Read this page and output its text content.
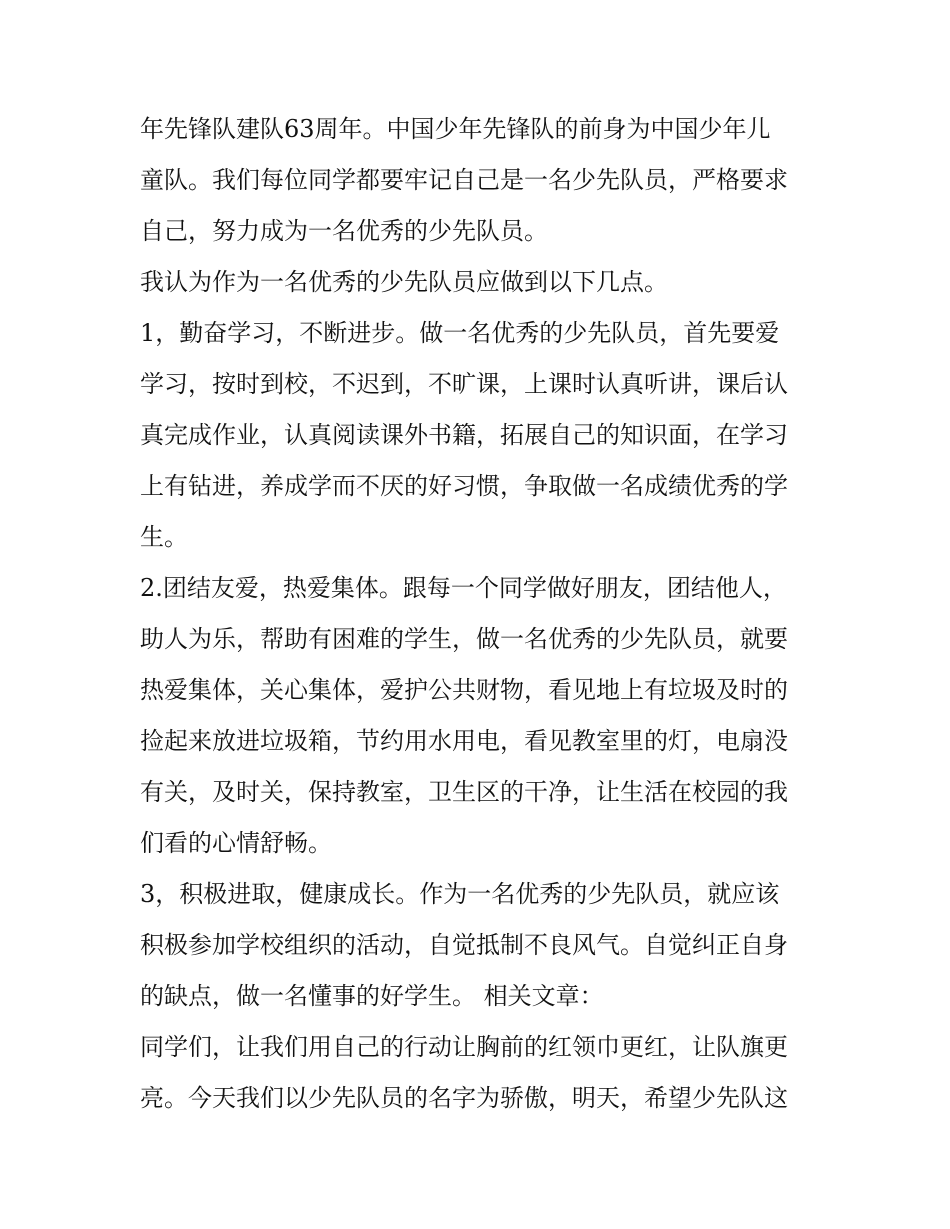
年先锋队建队63周年。中国少年先锋队的前身为中国少年儿
童队。我们每位同学都要牢记自己是一名少先队员，严格要求
自己，努力成为一名优秀的少先队员。
我认为作为一名优秀的少先队员应做到以下几点。
1，勤奋学习，不断进步。做一名优秀的少先队员，首先要爱
学习，按时到校，不迟到，不旷课，上课时认真听讲，课后认
真完成作业，认真阅读课外书籍，拓展自己的知识面，在学习
上有钻进，养成学而不厌的好习惯，争取做一名成绩优秀的学
生。
2.团结友爱，热爱集体。跟每一个同学做好朋友，团结他人，
助人为乐，帮助有困难的学生，做一名优秀的少先队员，就要
热爱集体，关心集体，爱护公共财物，看见地上有垃圾及时的
捡起来放进垃圾箱，节约用水用电，看见教室里的灯，电扇没
有关，及时关，保持教室，卫生区的干净，让生活在校园的我
们看的心情舒畅。
3，积极进取，健康成长。作为一名优秀的少先队员，就应该
积极参加学校组织的活动，自觉抵制不良风气。自觉纠正自身
的缺点，做一名懂事的好学生。 相关文章：
同学们，让我们用自己的行动让胸前的红领巾更红，让队旗更
亮。今天我们以少先队员的名字为骄傲，明天，希望少先队这
